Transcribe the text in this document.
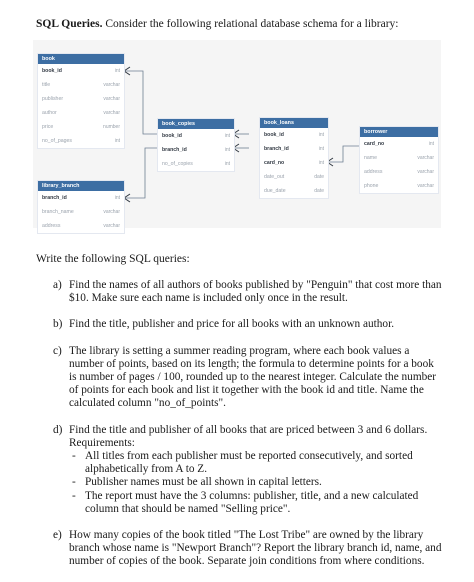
SQL Queries. Consider the following relational database schema for a library:
book
book_id	int
title	varchar
publisher	varchar
author	varchar
price	number
no_of_pages	int
book_copies
book_id	int
branch_id	int
no_of_copies	int
book_loans
book_id	int
branch_id	int
card_no	int
date_out	date
due_date	date
borrower
card_no	int
name	varchar
address	varchar
phone	varchar
library_branch
branch_id	int
branch_name	varchar
address	varchar
Write the following SQL queries:
a) Find the names of all authors of books published by "Penguin" that cost more than $10. Make sure each name is included only once in the result.
b) Find the title, publisher and price for all books with an unknown author.
c) The library is setting a summer reading program, where each book values a number of points, based on its length; the formula to determine points for a book is number of pages / 100, rounded up to the nearest integer. Calculate the number of points for each book and list it together with the book id and title. Name the calculated column "no_of_points".
d) Find the title and publisher of all books that are priced between 3 and 6 dollars. Requirements:
- All titles from each publisher must be reported consecutively, and sorted alphabetically from A to Z.
- Publisher names must be all shown in capital letters.
- The report must have the 3 columns: publisher, title, and a new calculated column that should be named "Selling price".
e) How many copies of the book titled "The Lost Tribe" are owned by the library branch whose name is "Newport Branch"? Report the library branch id, name, and number of copies of the book. Separate join conditions from where conditions.
